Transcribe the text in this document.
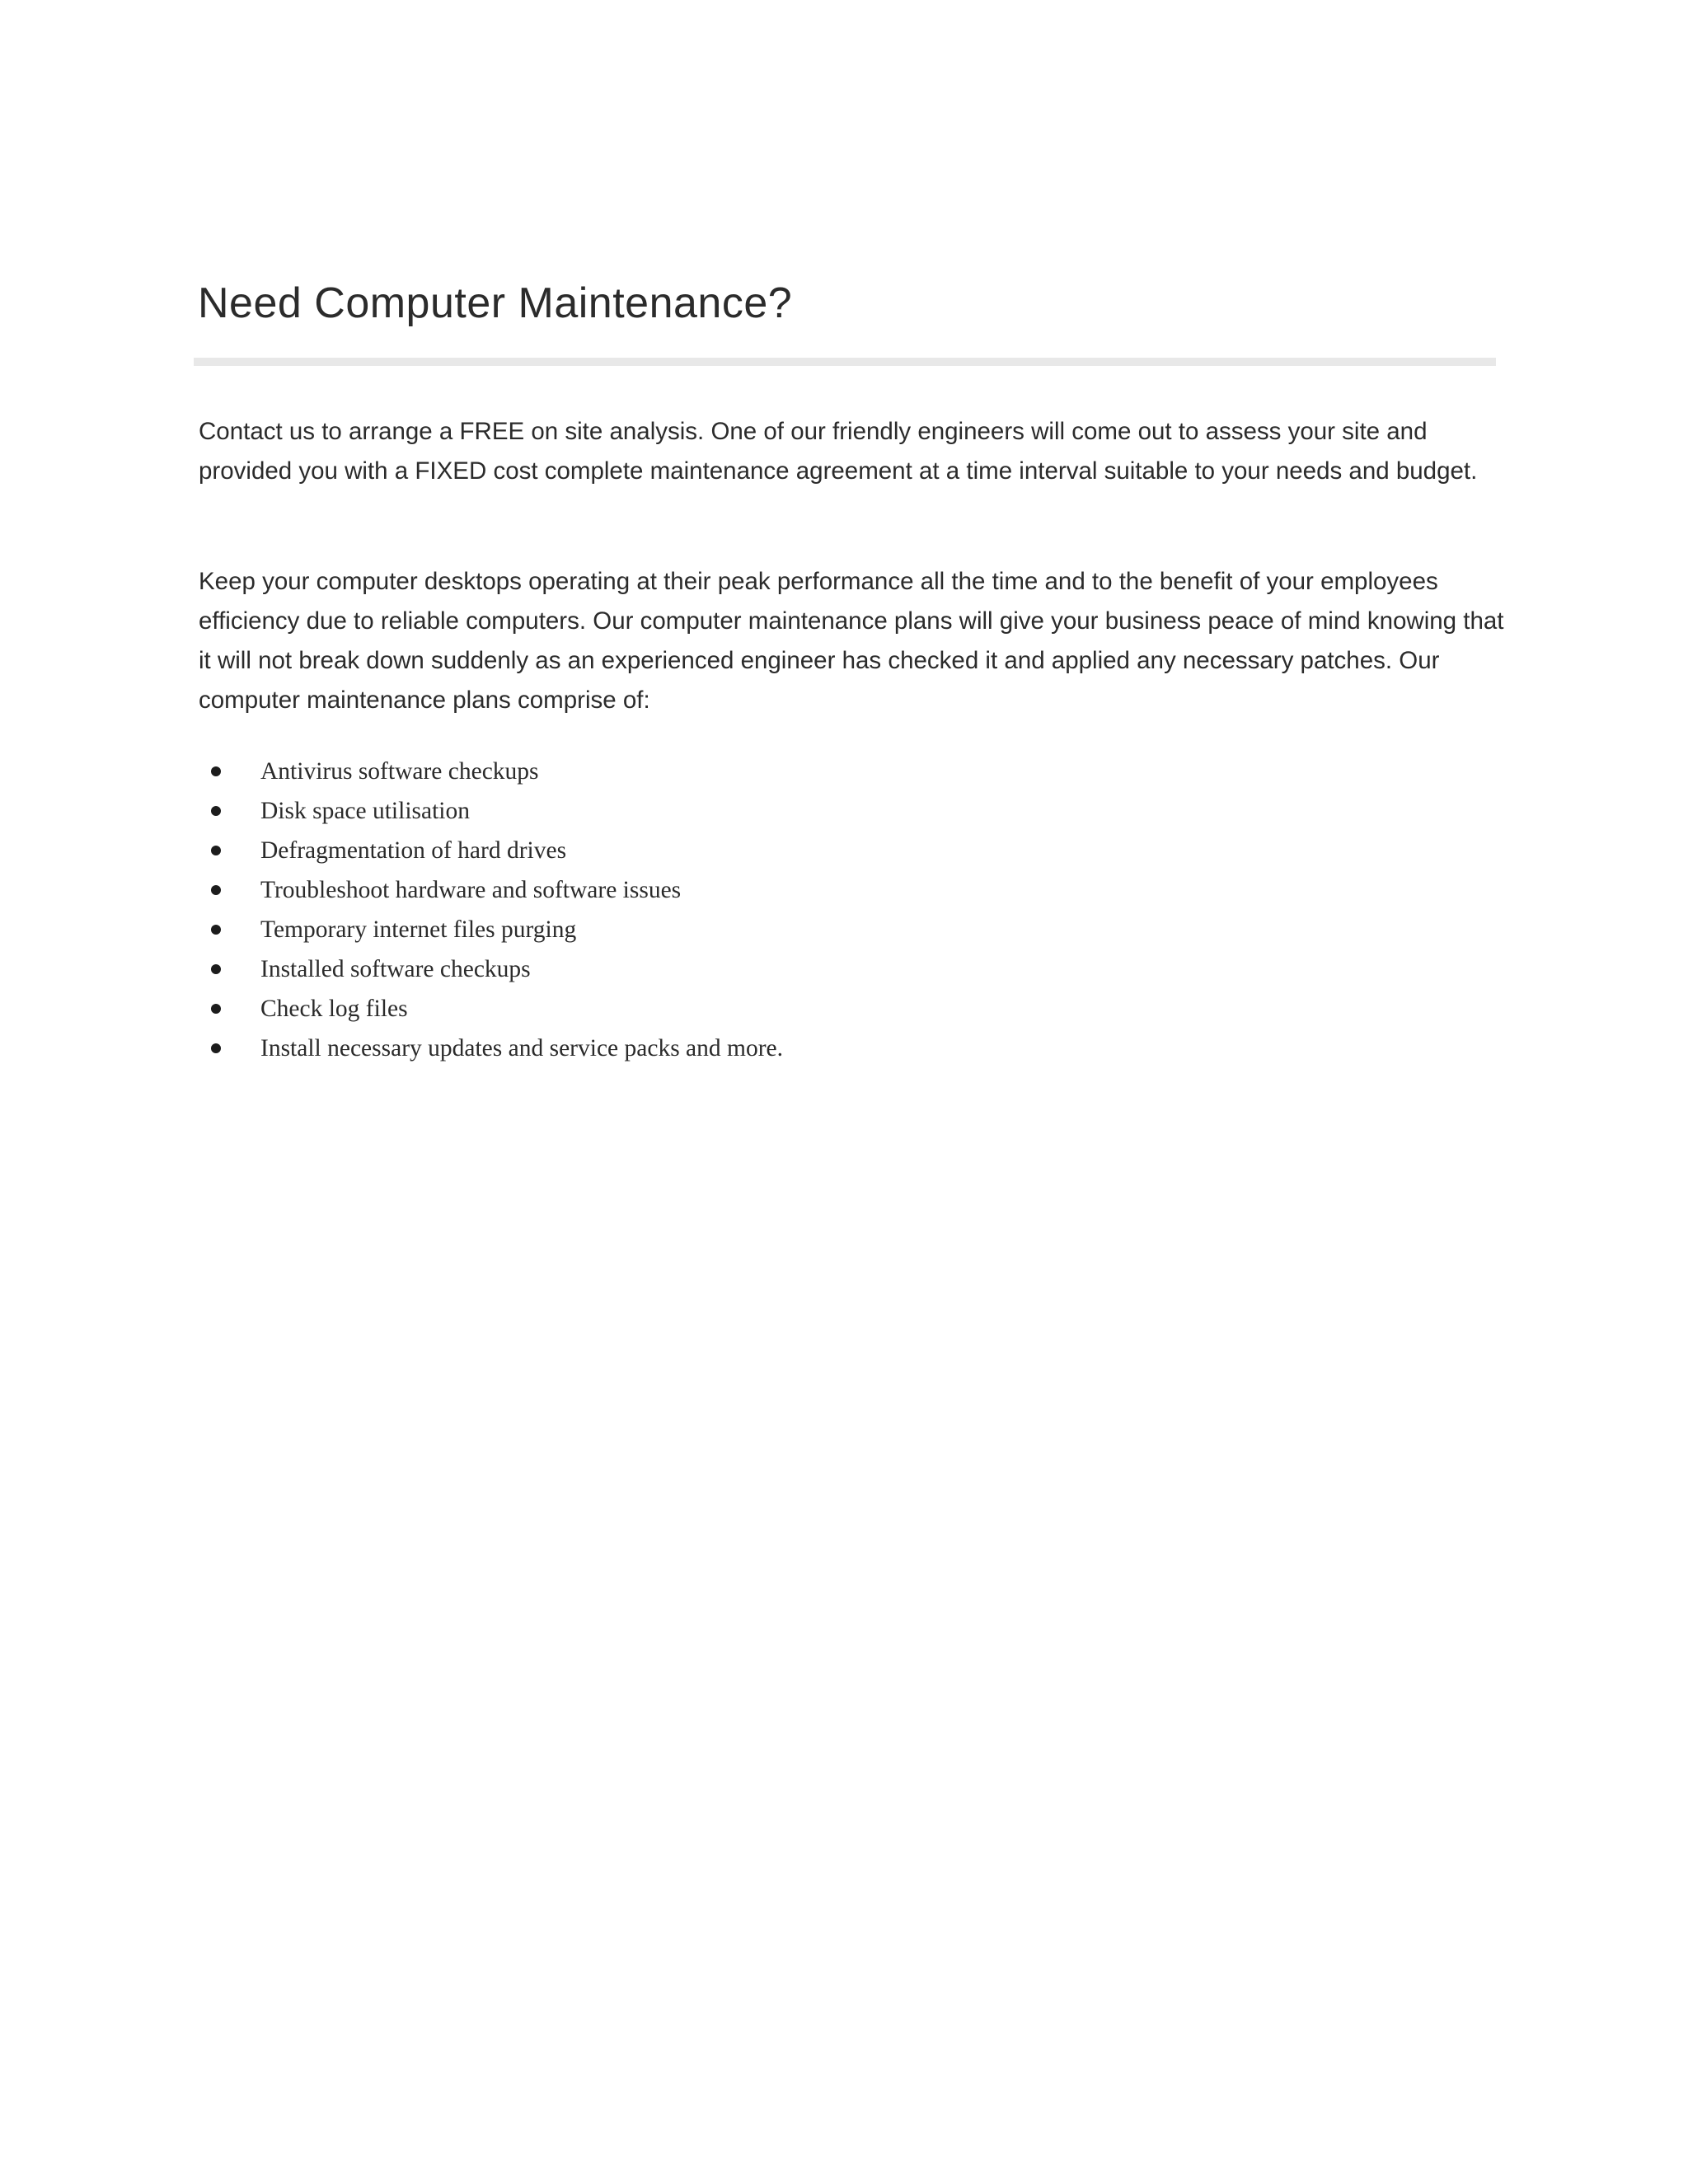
Need Computer Maintenance?

Contact us to arrange a FREE on site analysis. One of our friendly engineers will come out to assess your site and provided you with a FIXED cost complete maintenance agreement at a time interval suitable to your needs and budget.

Keep your computer desktops operating at their peak performance all the time and to the benefit of your employees efficiency due to reliable computers. Our computer maintenance plans will give your business peace of mind knowing that it will not break down suddenly as an experienced engineer has checked it and applied any necessary patches. Our computer maintenance plans comprise of:

Antivirus software checkups
Disk space utilisation
Defragmentation of hard drives
Troubleshoot hardware and software issues
Temporary internet files purging
Installed software checkups
Check log files
Install necessary updates and service packs and more.
